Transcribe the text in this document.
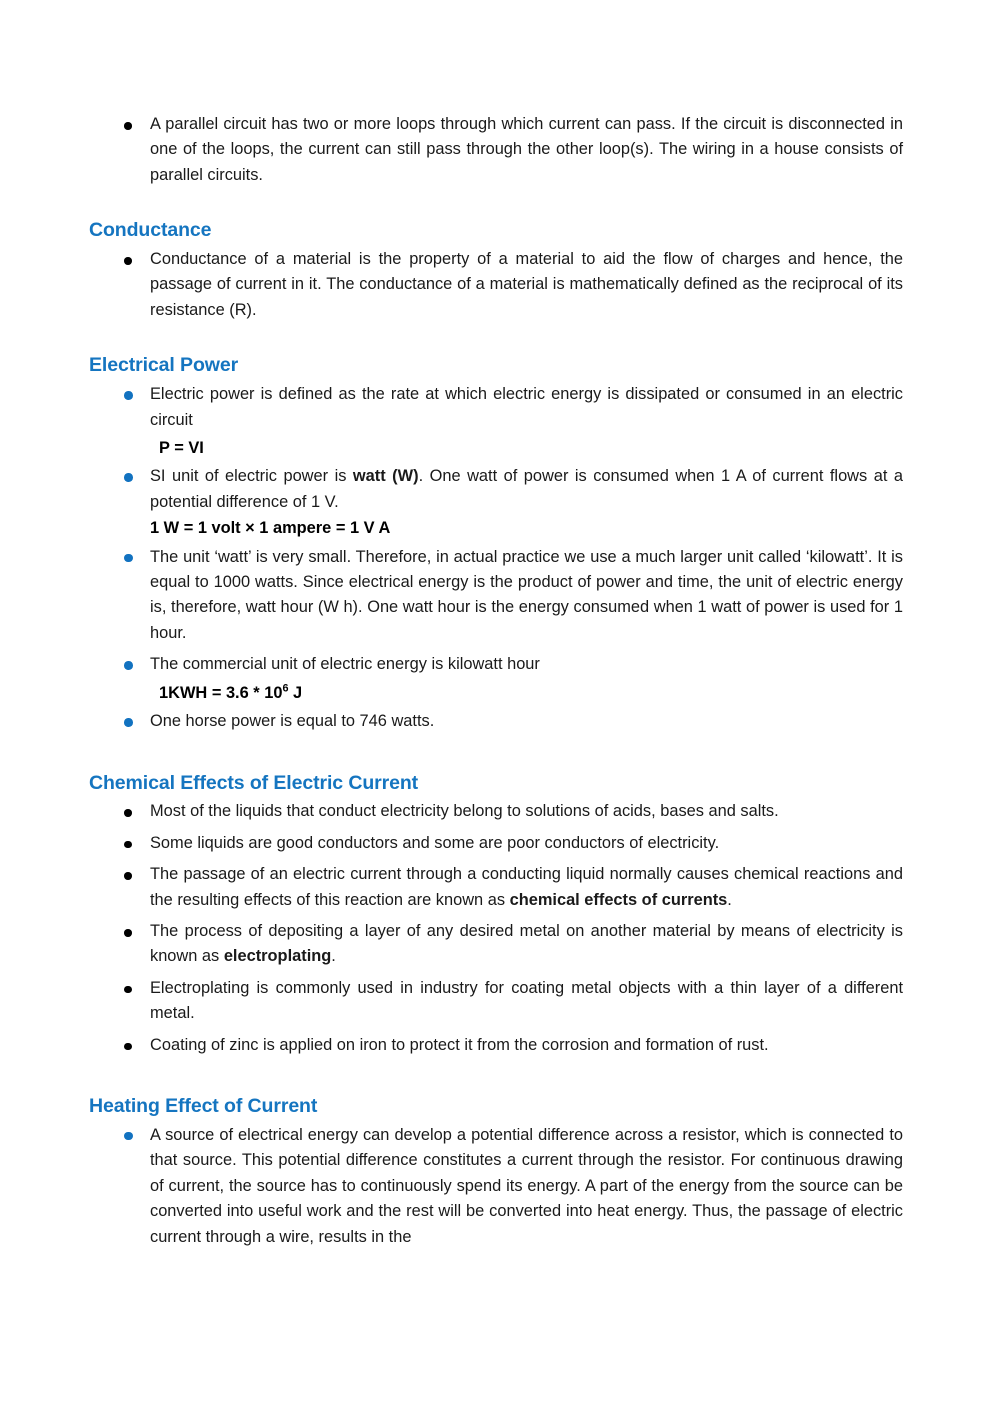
A parallel circuit has two or more loops through which current can pass. If the circuit is disconnected in one of the loops, the current can still pass through the other loop(s). The wiring in a house consists of parallel circuits.
Conductance
Conductance of a material is the property of a material to aid the flow of charges and hence, the passage of current in it. The conductance of a material is mathematically defined as the reciprocal of its resistance (R).
Electrical Power
Electric power is defined as the rate at which electric energy is dissipated or consumed in an electric circuit
P = VI
SI unit of electric power is watt (W). One watt of power is consumed when 1 A of current flows at a potential difference of 1 V.
1 W = 1 volt × 1 ampere = 1 V A
The unit ‘watt’ is very small. Therefore, in actual practice we use a much larger unit called ‘kilowatt’. It is equal to 1000 watts. Since electrical energy is the product of power and time, the unit of electric energy is, therefore, watt hour (W h). One watt hour is the energy consumed when 1 watt of power is used for 1 hour.
The commercial unit of electric energy is kilowatt hour
$1KWH = 3.6 * 10^6$ J
One horse power is equal to 746 watts.
Chemical Effects of Electric Current
Most of the liquids that conduct electricity belong to solutions of acids, bases and salts.
Some liquids are good conductors and some are poor conductors of electricity.
The passage of an electric current through a conducting liquid normally causes chemical reactions and the resulting effects of this reaction are known as chemical effects of currents.
The process of depositing a layer of any desired metal on another material by means of electricity is known as electroplating.
Electroplating is commonly used in industry for coating metal objects with a thin layer of a different metal.
Coating of zinc is applied on iron to protect it from the corrosion and formation of rust.
Heating Effect of Current
A source of electrical energy can develop a potential difference across a resistor, which is connected to that source. This potential difference constitutes a current through the resistor. For continuous drawing of current, the source has to continuously spend its energy. A part of the energy from the source can be converted into useful work and the rest will be converted into heat energy. Thus, the passage of electric current through a wire, results in the
